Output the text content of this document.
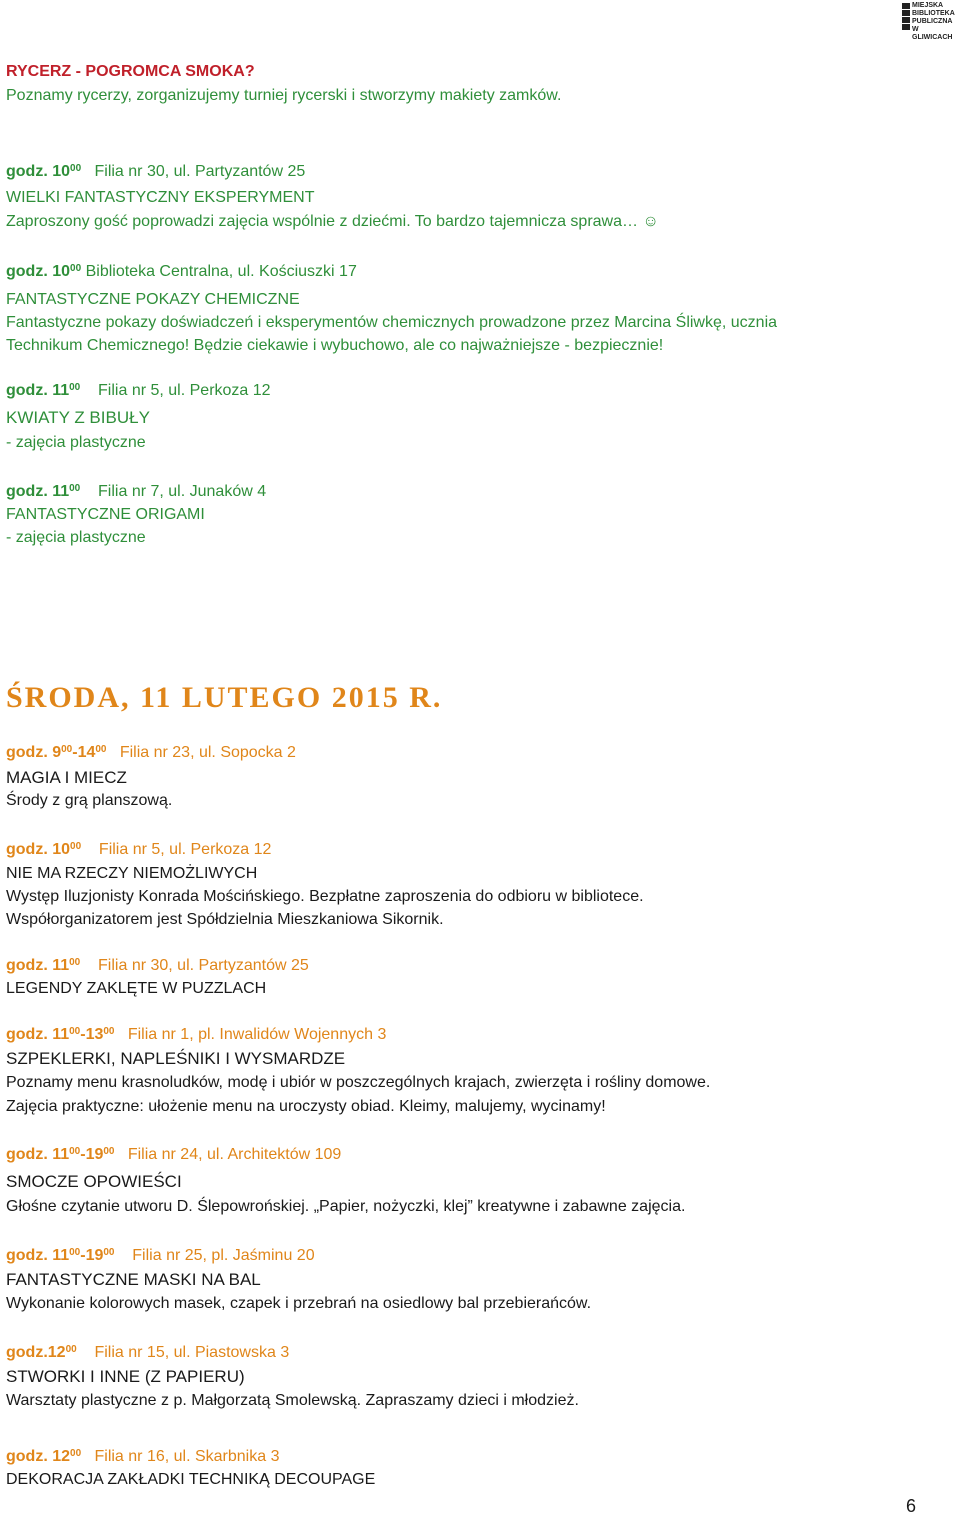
MIEJSKA
BIBLIOTEKA
PUBLICZNA
W GLIWICACH
RYCERZ - POGROMCA SMOKA?
Poznamy rycerzy, zorganizujemy turniej rycerski i stworzymy makiety zamków.
godz. $10^{00}$ Filia nr 30, ul. Partyzantów 25
WIELKI FANTASTYCZNY EKSPERYMENT
Zaproszony gość poprowadzi zajęcia wspólnie z dziećmi. To bardzo tajemnicza sprawa… ☺
godz. $10^{00}$ Biblioteka Centralna, ul. Kościuszki 17
FANTASTYCZNE POKAZY CHEMICZNE
Fantastyczne pokazy doświadczeń i eksperymentów chemicznych prowadzone przez Marcina Śliwkę, ucznia
Technikum Chemicznego! Będzie ciekawie i wybuchowo, ale co najważniejsze - bezpiecznie!
godz. $11^{00}$ Filia nr 5, ul. Perkoza 12
KWIATY Z BIBUŁY
- zajęcia plastyczne
godz. $11^{00}$ Filia nr 7, ul. Junaków 4
FANTASTYCZNE ORIGAMI
- zajęcia plastyczne
ŚRODA, 11 LUTEGO 2015 R.
godz. $9^{00}-14^{00}$ Filia nr 23, ul. Sopocka 2
MAGIA I MIECZ
Środy z grą planszową.
godz. $10^{00}$ Filia nr 5, ul. Perkoza 12
NIE MA RZECZY NIEMOŻLIWYCH
Występ Iluzjonisty Konrada Mościńskiego. Bezpłatne zaproszenia do odbioru w bibliotece.
Współorganizatorem jest Spółdzielnia Mieszkaniowa Sikornik.
godz. $11^{00}$ Filia nr 30, ul. Partyzantów 25
LEGENDY ZAKLĘTE W PUZZLACH
godz. $11^{00}-13^{00}$ Filia nr 1, pl. Inwalidów Wojennych 3
SZPEKLERKI, NAPLEŚNIKI I WYSMARDZE
Poznamy menu krasnoludków, modę i ubiór w poszczególnych krajach, zwierzęta i rośliny domowe.
Zajęcia praktyczne: ułożenie menu na uroczysty obiad. Kleimy, malujemy, wycinamy!
godz. $11^{00}-19^{00}$ Filia nr 24, ul. Architektów 109
SMOCZE OPOWIEŚCI
Głośne czytanie utworu D. Ślepowrońskiej. „Papier, nożyczki, klej” kreatywne i zabawne zajęcia.
godz. $11^{00}-19^{00}$ Filia nr 25, pl. Jaśminu 20
FANTASTYCZNE MASKI NA BAL
Wykonanie kolorowych masek, czapek i przebrań na osiedlowy bal przebierańców.
$godz.12^{00}$ Filia nr 15, ul. Piastowska 3
STWORKI I INNE (Z PAPIERU)
Warsztaty plastyczne z p. Małgorzatą Smolewską. Zapraszamy dzieci i młodzież.
godz. $12^{00}$ Filia nr 16, ul. Skarbnika 3
DEKORACJA ZAKŁADKI TECHNIKĄ DECOUPAGE
6
